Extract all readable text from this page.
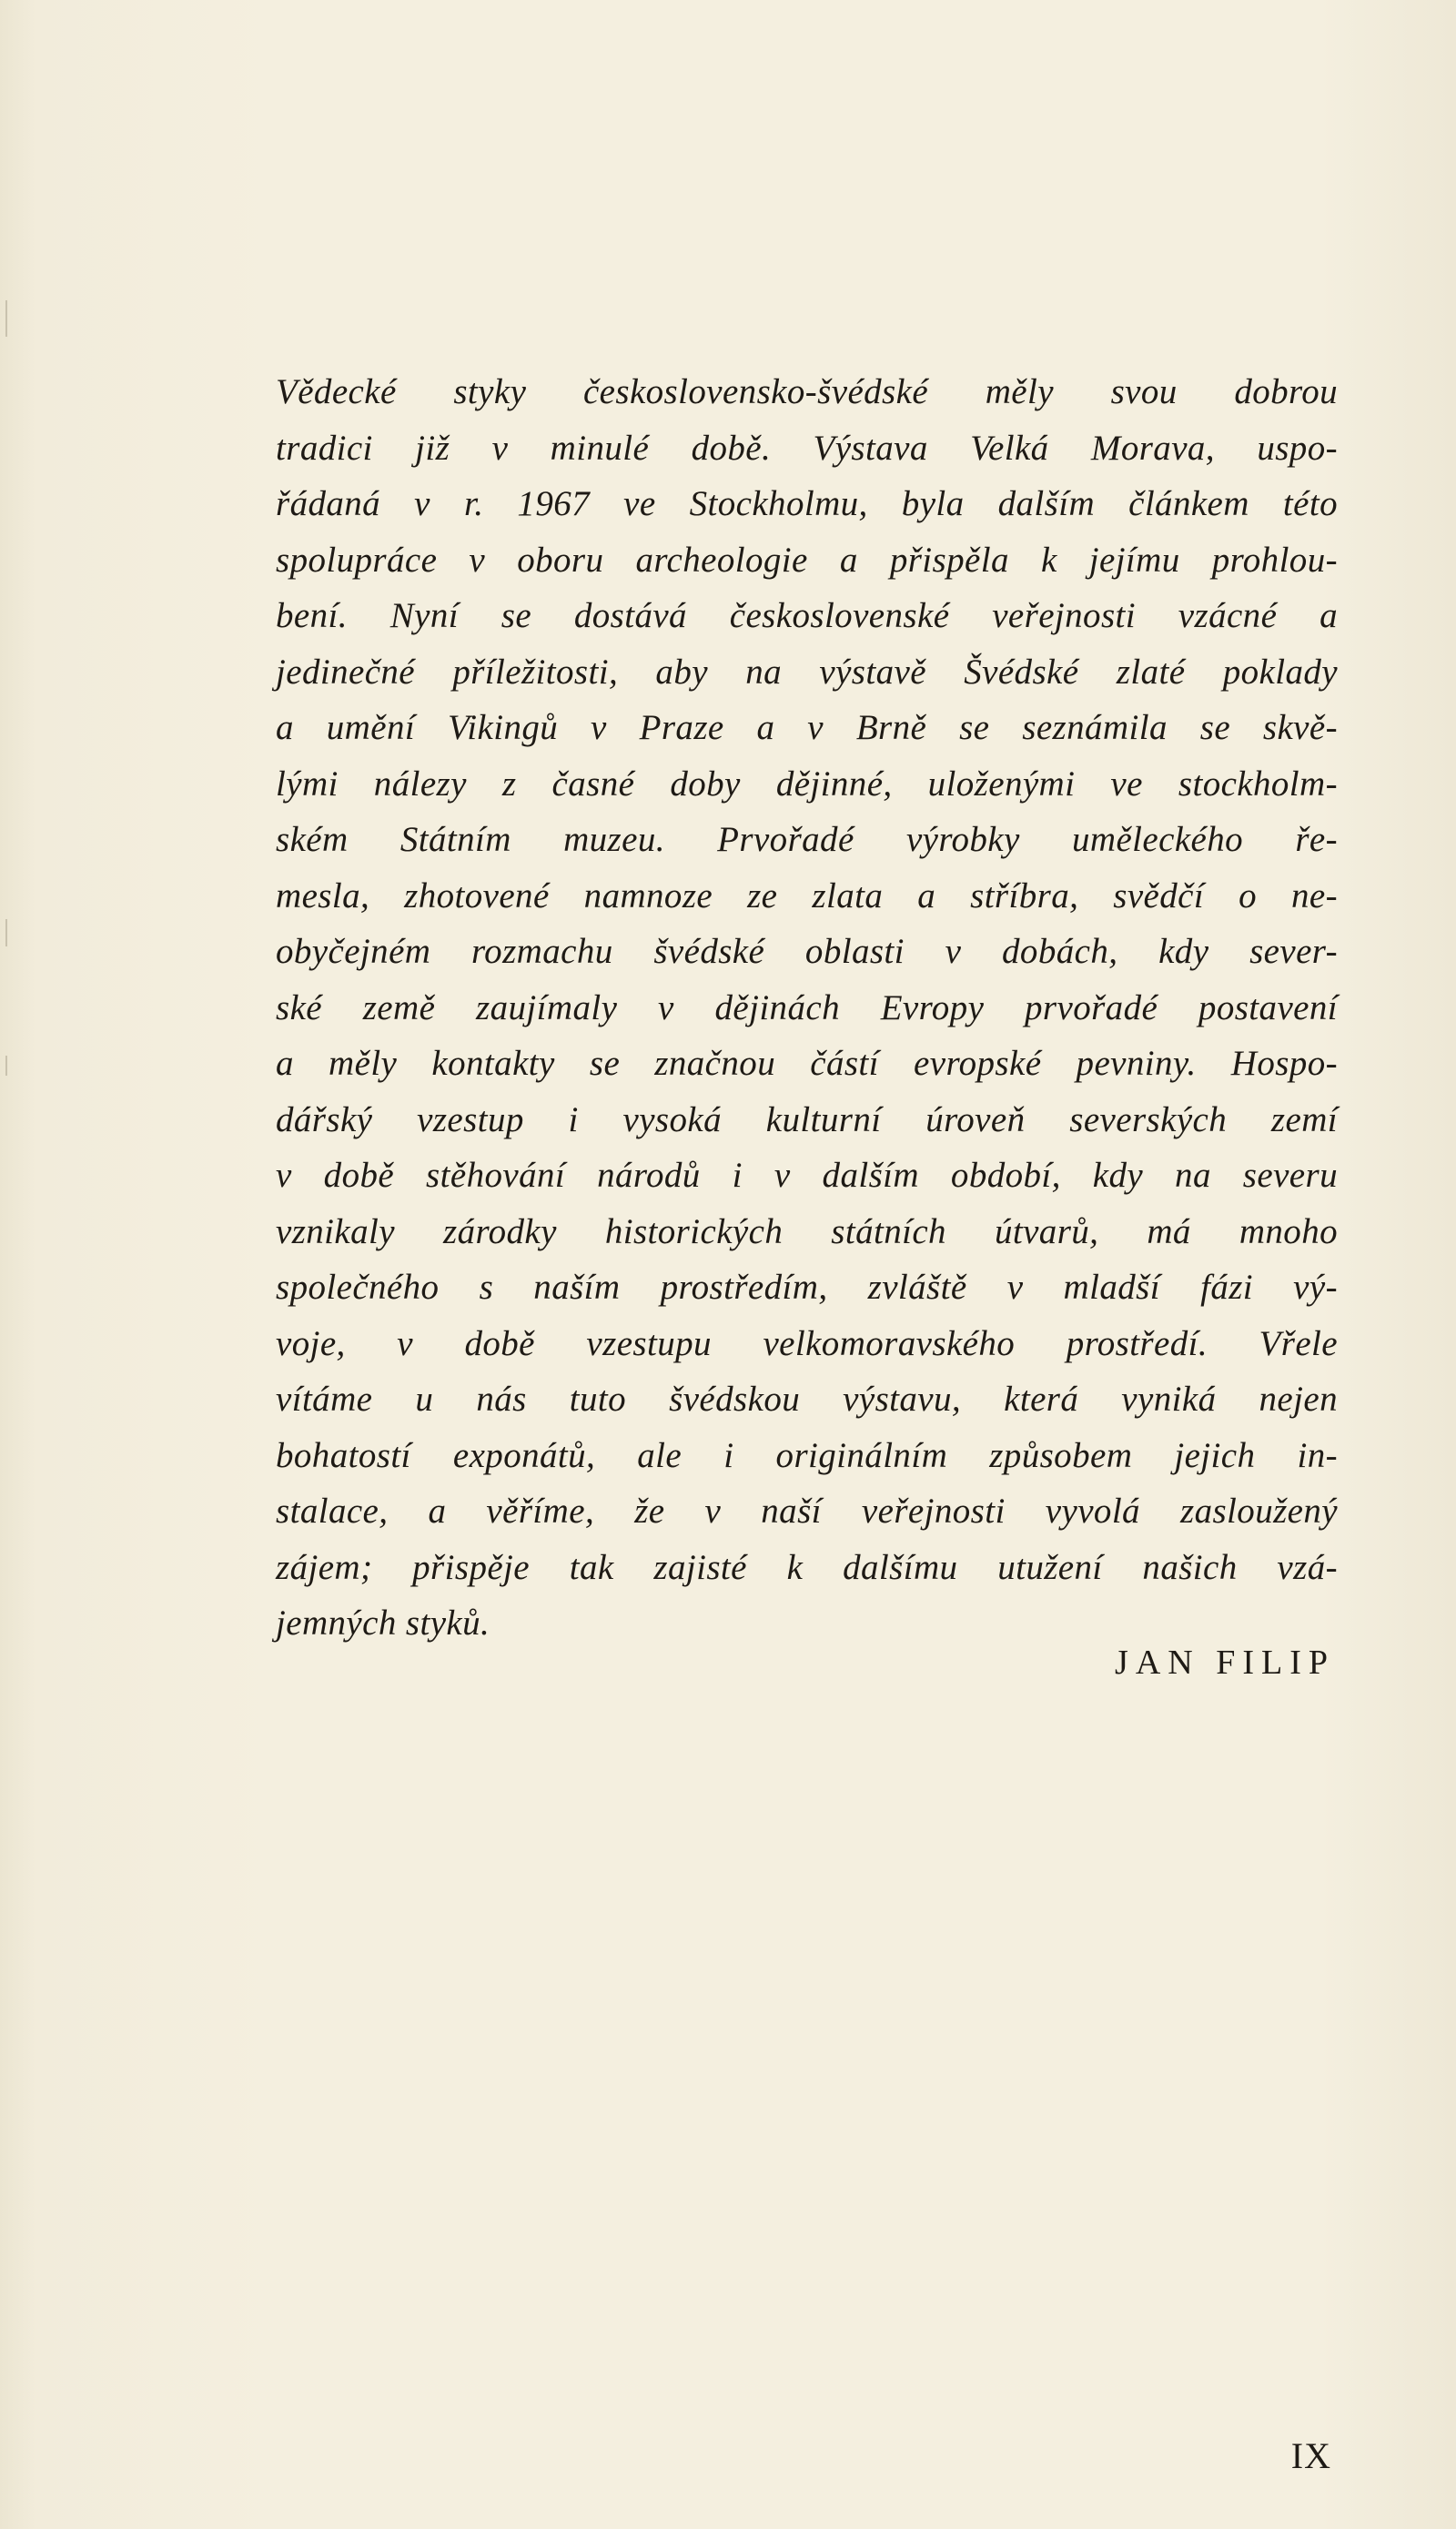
Vědecké styky československo-švédské měly svou dobrou
tradici již v minulé době. Výstava Velká Morava, uspo-
řádaná v r. 1967 ve Stockholmu, byla dalším článkem této
spolupráce v oboru archeologie a přispěla k jejímu prohlou-
bení. Nyní se dostává československé veřejnosti vzácné a
jedinečné příležitosti, aby na výstavě Švédské zlaté poklady
a umění Vikingů v Praze a v Brně se seznámila se skvě-
lými nálezy z časné doby dějinné, uloženými ve stockholm-
ském Státním muzeu. Prvořadé výrobky uměleckého ře-
mesla, zhotovené namnoze ze zlata a stříbra, svědčí o ne-
obyčejném rozmachu švédské oblasti v dobách, kdy sever-
ské země zaujímaly v dějinách Evropy prvořadé postavení
a měly kontakty se značnou částí evropské pevniny. Hospo-
dářský vzestup i vysoká kulturní úroveň severských zemí
v době stěhování národů i v dalším období, kdy na severu
vznikaly zárodky historických státních útvarů, má mnoho
společného s naším prostředím, zvláště v mladší fázi vý-
voje, v době vzestupu velkomoravského prostředí. Vřele
vítáme u nás tuto švédskou výstavu, která vyniká nejen
bohatostí exponátů, ale i originálním způsobem jejich in-
stalace, a věříme, že v naší veřejnosti vyvolá zasloužený
zájem; přispěje tak zajisté k dalšímu utužení našich vzá-
jemných styků.
JAN FILIP
IX
